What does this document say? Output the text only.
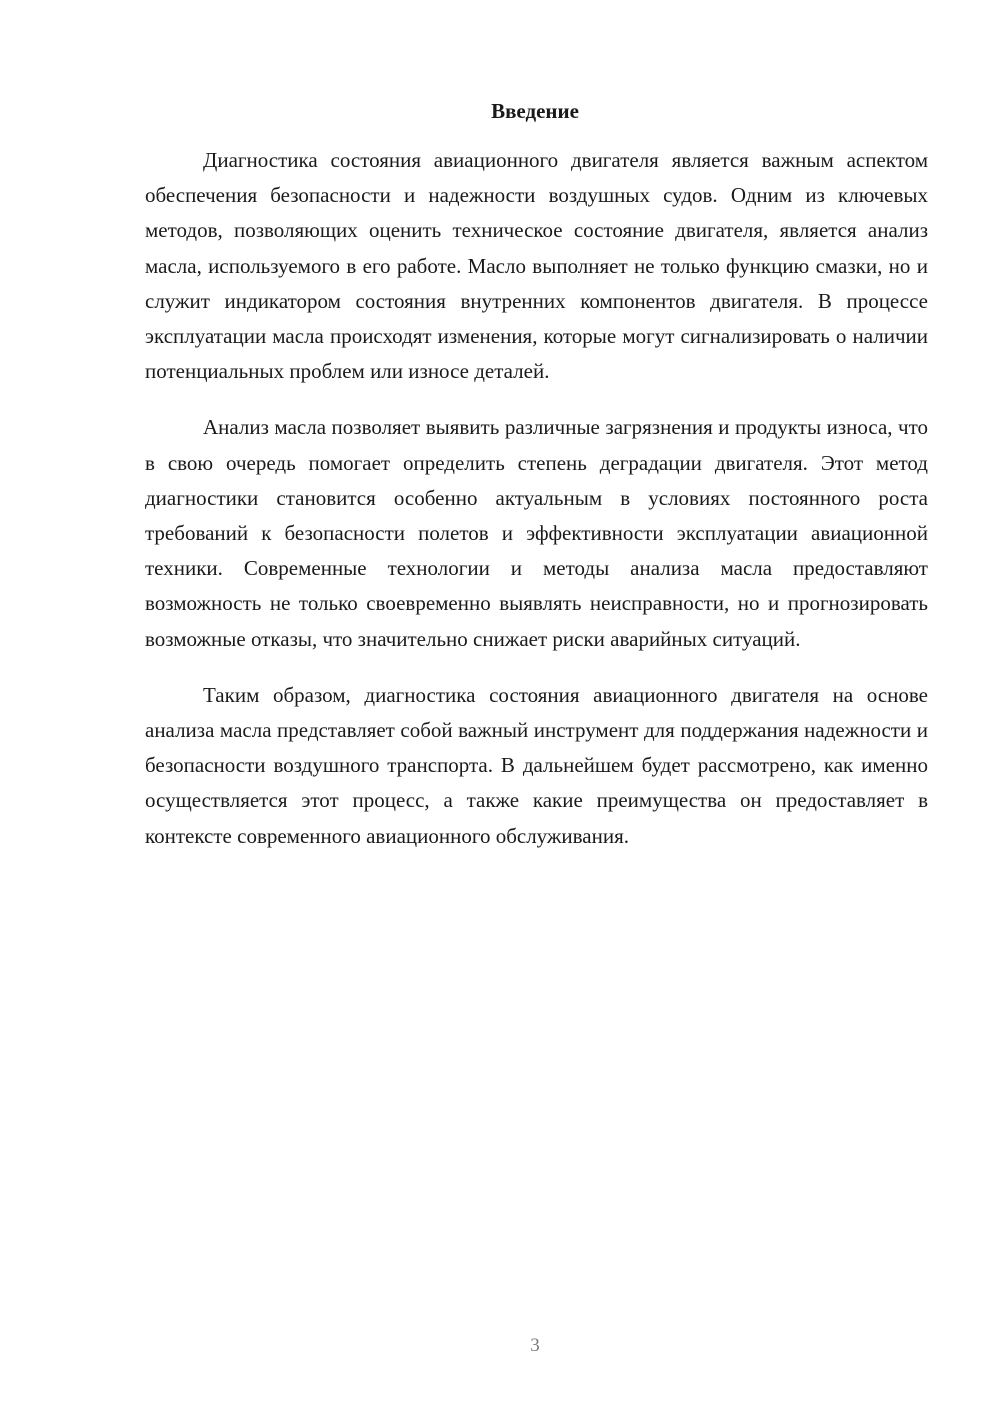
Введение

Диагностика состояния авиационного двигателя является важным аспектом обеспечения безопасности и надежности воздушных судов. Одним из ключевых методов, позволяющих оценить техническое состояние двигателя, является анализ масла, используемого в его работе. Масло выполняет не только функцию смазки, но и служит индикатором состояния внутренних компонентов двигателя. В процессе эксплуатации масла происходят изменения, которые могут сигнализировать о наличии потенциальных проблем или износе деталей.

Анализ масла позволяет выявить различные загрязнения и продукты износа, что в свою очередь помогает определить степень деградации двигателя. Этот метод диагностики становится особенно актуальным в условиях постоянного роста требований к безопасности полетов и эффективности эксплуатации авиационной техники. Современные технологии и методы анализа масла предоставляют возможность не только своевременно выявлять неисправности, но и прогнозировать возможные отказы, что значительно снижает риски аварийных ситуаций.

Таким образом, диагностика состояния авиационного двигателя на основе анализа масла представляет собой важный инструмент для поддержания надежности и безопасности воздушного транспорта. В дальнейшем будет рассмотрено, как именно осуществляется этот процесс, а также какие преимущества он предоставляет в контексте современного авиационного обслуживания.

3
